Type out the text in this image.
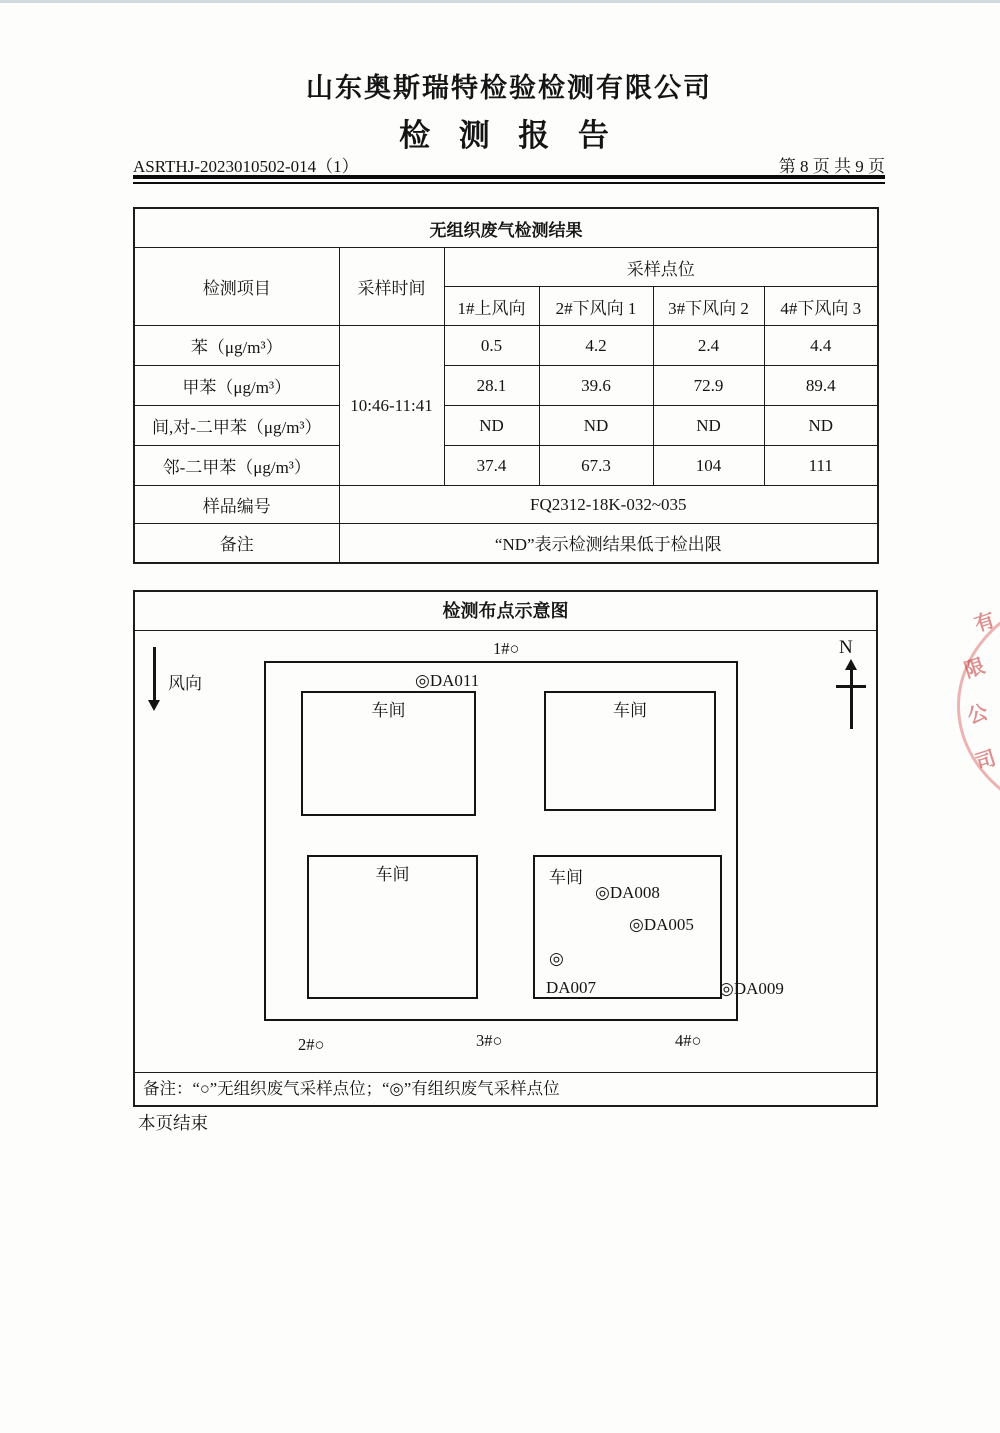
山东奥斯瑞特检验检测有限公司
检 测 报 告
ASRTHJ-2023010502-014（1）	第 8 页 共 9 页
无组织废气检测结果					
检测项目	采样时间	采样点位			
		1#上风向	2#下风向 1	3#下风向 2	4#下风向 3
苯（μg/m³）	10:46-11:41	0.5	4.2	2.4	4.4
甲苯（μg/m³）		28.1	39.6	72.9	89.4
间,对-二甲苯（μg/m³）		ND	ND	ND	ND
邻-二甲苯（μg/m³）		37.4	67.3	104	111
样品编号	FQ2312-18K-032~035				
备注	“ND”表示检测结果低于检出限				
检测布点示意图
风向
N
1#○
◎DA011
车间	车间
车间	车间
◎DA008
◎DA005
◎
DA007	◎DA009
2#○	3#○	4#○
备注：“○”无组织废气采样点位；“◎”有组织废气采样点位
本页结束
有
限
公
司
